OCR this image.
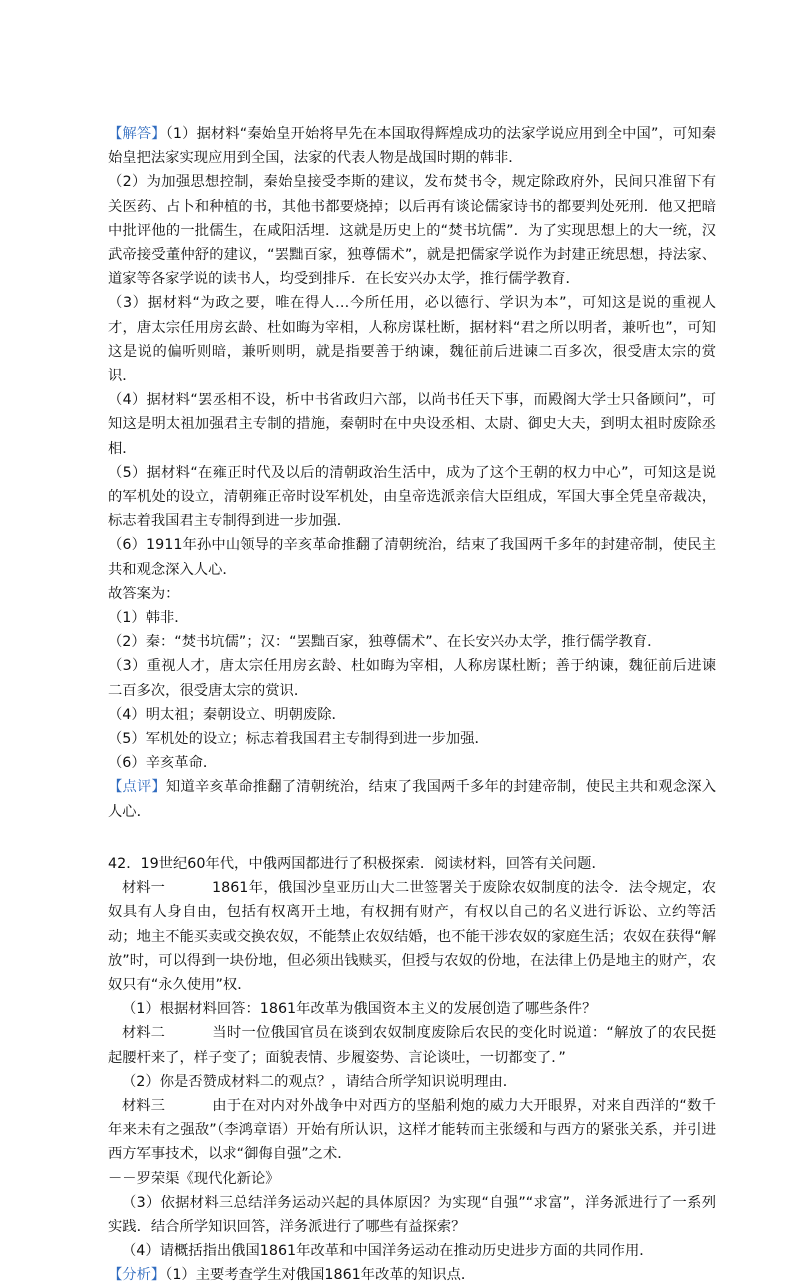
【解答】（1）据材料“秦始皇开始将早先在本国取得辉煌成功的法家学说应用到全中国”，可知秦始皇把法家实现应用到全国，法家的代表人物是战国时期的韩非．

（2）为加强思想控制，秦始皇接受李斯的建议，发布焚书令，规定除政府外，民间只准留下有关医药、占卜和种植的书，其他书都要烧掉；以后再有谈论儒家诗书的都要判处死刑．他又把暗中批评他的一批儒生，在咸阳活埋．这就是历史上的“焚书坑儒”．为了实现思想上的大一统，汉武帝接受董仲舒的建议，“罢黜百家，独尊儒术”，就是把儒家学说作为封建正统思想，持法家、道家等各家学说的读书人，均受到排斥．在长安兴办太学，推行儒学教育．

（3）据材料“为政之要，唯在得人…今所任用，必以德行、学识为本”，可知这是说的重视人才，唐太宗任用房玄龄、杜如晦为宰相，人称房谋杜断，据材料“君之所以明者，兼听也”，可知这是说的偏听则暗，兼听则明，就是指要善于纳谏，魏征前后进谏二百多次，很受唐太宗的赏识．

（4）据材料“罢丞相不设，析中书省政归六部，以尚书任天下事，而殿阁大学士只备顾问”，可知这是明太祖加强君主专制的措施，秦朝时在中央设丞相、太尉、御史大夫，到明太祖时废除丞相．

（5）据材料“在雍正时代及以后的清朝政治生活中，成为了这个王朝的权力中心”，可知这是说的军机处的设立，清朝雍正帝时设军机处，由皇帝选派亲信大臣组成，军国大事全凭皇帝裁决，标志着我国君主专制得到进一步加强．

（6）1911年孙中山领导的辛亥革命推翻了清朝统治，结束了我国两千多年的封建帝制，使民主共和观念深入人心．

故答案为：

（1）韩非．

（2）秦：“焚书坑儒”；汉：“罢黜百家，独尊儒术”、在长安兴办太学，推行儒学教育．

（3）重视人才，唐太宗任用房玄龄、杜如晦为宰相，人称房谋杜断；善于纳谏，魏征前后进谏二百多次，很受唐太宗的赏识．

（4）明太祖；秦朝设立、明朝废除．

（5）军机处的设立；标志着我国君主专制得到进一步加强．

（6）辛亥革命．

【点评】知道辛亥革命推翻了清朝统治，结束了我国两千多年的封建帝制，使民主共和观念深入人心．

42．19世纪60年代，中俄两国都进行了积极探索．阅读材料，回答有关问题．

材料一	1861年，俄国沙皇亚历山大二世签署关于废除农奴制度的法令．法令规定，农奴具有人身自由，包括有权离开土地，有权拥有财产，有权以自己的名义进行诉讼、立约等活动；地主不能买卖或交换农奴，不能禁止农奴结婚，也不能干涉农奴的家庭生活；农奴在获得“解放”时，可以得到一块份地，但必须出钱赎买，但授与农奴的份地，在法律上仍是地主的财产，农奴只有“永久使用”权．

（1）根据材料回答：1861年改革为俄国资本主义的发展创造了哪些条件？

材料二	当时一位俄国官员在谈到农奴制度废除后农民的变化时说道：“解放了的农民挺起腰杆来了，样子变了；面貌表情、步履姿势、言论谈吐，一切都变了．”

（2）你是否赞成材料二的观点？，请结合所学知识说明理由．

材料三	由于在对内对外战争中对西方的坚船利炮的威力大开眼界，对来自西洋的“数千年来未有之强敌”（李鸿章语）开始有所认识，这样才能转而主张缓和与西方的紧张关系，并引进西方军事技术，以求“御侮自强”之术．

－－罗荣渠《现代化新论》

（3）依据材料三总结洋务运动兴起的具体原因？为实现“自强”“求富”，洋务派进行了一系列实践．结合所学知识回答，洋务派进行了哪些有益探索？

（4）请概括指出俄国1861年改革和中国洋务运动在推动历史进步方面的共同作用．

【分析】（1）主要考查学生对俄国1861年改革的知识点．
